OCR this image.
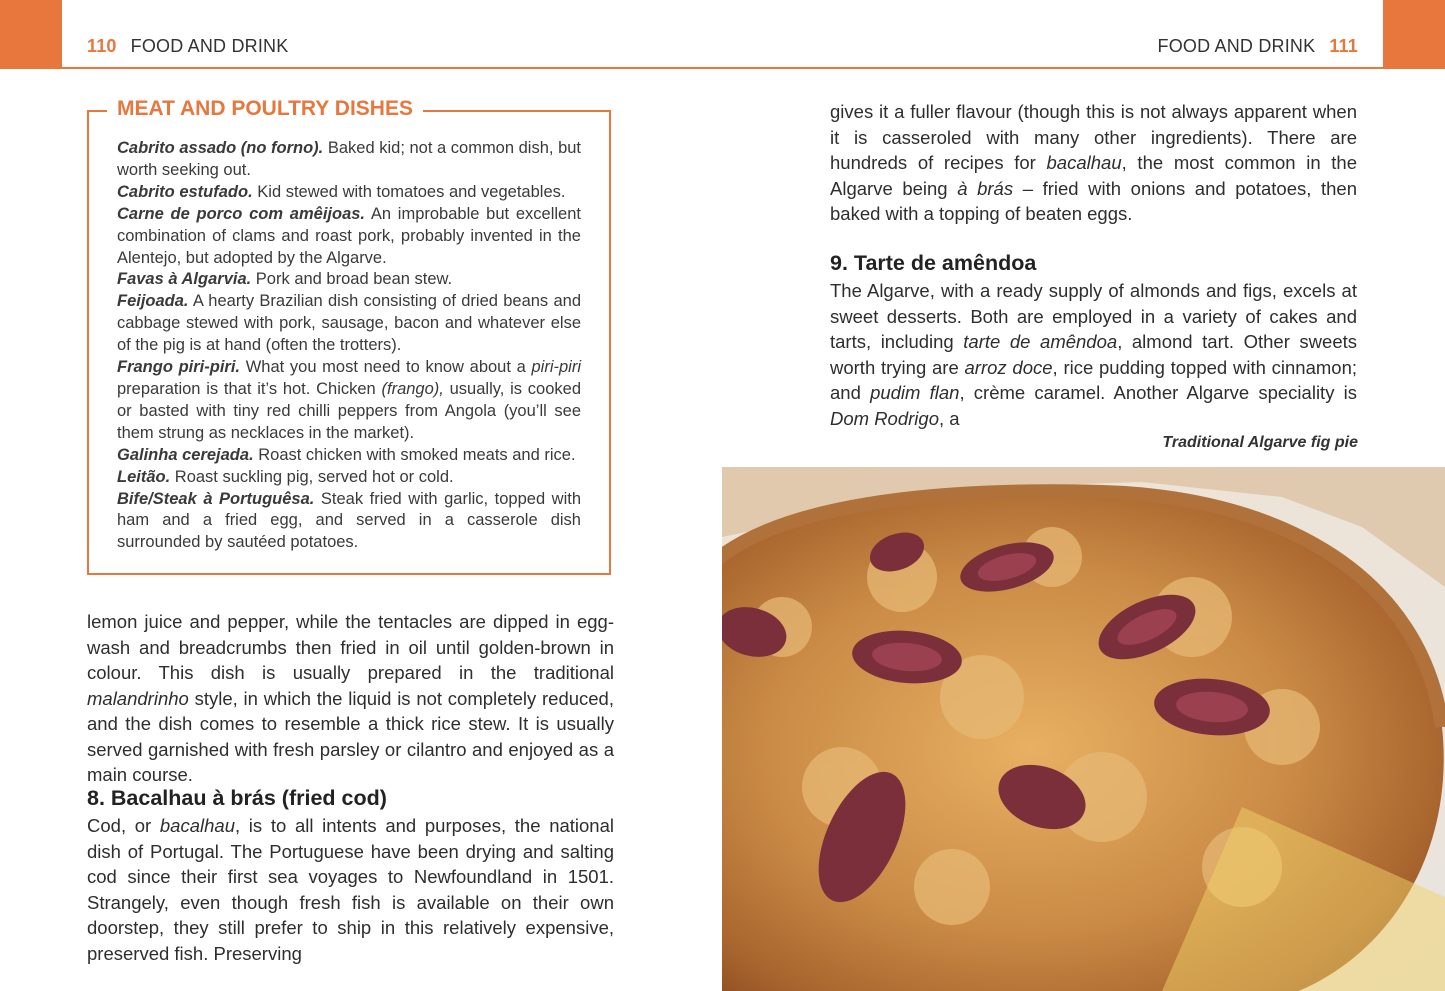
110 FOOD AND DRINK
MEAT AND POULTRY DISHES

Cabrito assado (no forno). Baked kid; not a common dish, but worth seeking out.

Cabrito estufado. Kid stewed with tomatoes and vegetables.

Carne de porco com amêijoas. An improbable but excellent combination of clams and roast pork, probably invented in the Alentejo, but adopted by the Algarve.

Favas à Algarvia. Pork and broad bean stew.

Feijoada. A hearty Brazilian dish consisting of dried beans and cabbage stewed with pork, sausage, bacon and whatever else of the pig is at hand (often the trotters).

Frango piri-piri. What you most need to know about a piri-piri preparation is that it’s hot. Chicken (frango), usually, is cooked or basted with tiny red chilli peppers from Angola (you’ll see them strung as necklaces in the market).

Galinha cerejada. Roast chicken with smoked meats and rice.

Leitão. Roast suckling pig, served hot or cold.

Bife/Steak à Portuguêsa. Steak fried with garlic, topped with ham and a fried egg, and served in a casserole dish surrounded by sautéed potatoes.

lemon juice and pepper, while the tentacles are dipped in egg-wash and breadcrumbs then fried in oil until golden-brown in colour. This dish is usually prepared in the traditional malandrinho style, in which the liquid is not completely reduced, and the dish comes to resemble a thick rice stew. It is usually served garnished with fresh parsley or cilantro and enjoyed as a main course.

8. Bacalhau à brás (fried cod)

Cod, or bacalhau, is to all intents and purposes, the national dish of Portugal. The Portuguese have been drying and salting cod since their first sea voyages to Newfoundland in 1501. Strangely, even though fresh fish is available on their own doorstep, they still prefer to ship in this relatively expensive, preserved fish. Preserving

FOOD AND DRINK 111

gives it a fuller flavour (though this is not always apparent when it is casseroled with many other ingredients). There are hundreds of recipes for bacalhau, the most common in the Algarve being à brás – fried with onions and potatoes, then baked with a topping of beaten eggs.

9. Tarte de amêndoa

The Algarve, with a ready supply of almonds and figs, excels at sweet desserts. Both are employed in a variety of cakes and tarts, including tarte de amêndoa, almond tart. Other sweets worth trying are arroz doce, rice pudding topped with cinnamon; and pudim flan, crème caramel. Another Algarve speciality is Dom Rodrigo, a

Traditional Algarve fig pie
